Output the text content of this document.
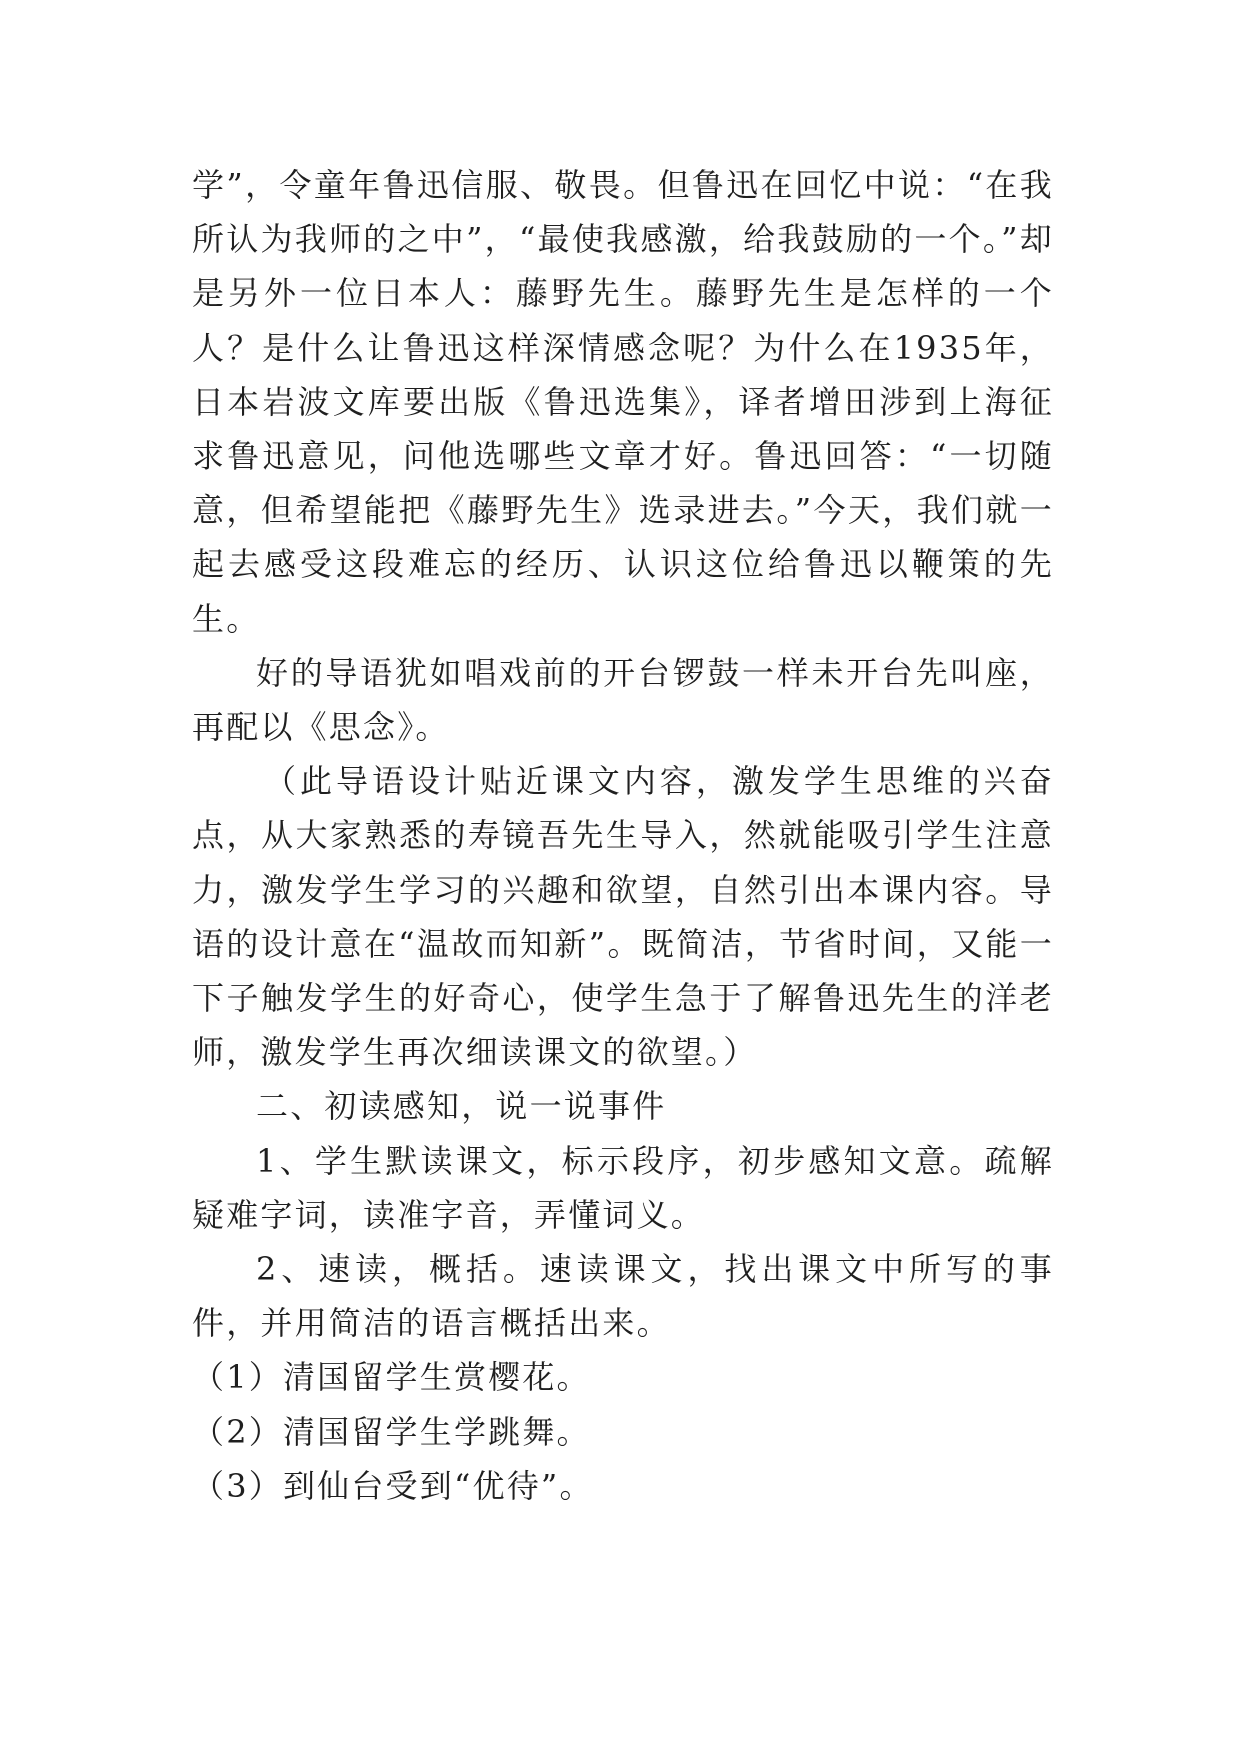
学”，令童年鲁迅信服、敬畏。但鲁迅在回忆中说：“在我所认为我师的之中”，“最使我感激，给我鼓励的一个。”却是另外一位日本人：藤野先生。藤野先生是怎样的一个人？是什么让鲁迅这样深情感念呢？为什么在1935年，日本岩波文库要出版《鲁迅选集》，译者增田涉到上海征求鲁迅意见，问他选哪些文章才好。鲁迅回答：“一切随意，但希望能把《藤野先生》选录进去。”今天，我们就一起去感受这段难忘的经历、认识这位给鲁迅以鞭策的先生。

好的导语犹如唱戏前的开台锣鼓一样未开台先叫座，再配以《思念》。

（此导语设计贴近课文内容，激发学生思维的兴奋点，从大家熟悉的寿镜吾先生导入，然就能吸引学生注意力，激发学生学习的兴趣和欲望，自然引出本课内容。导语的设计意在“温故而知新”。既简洁，节省时间，又能一下子触发学生的好奇心，使学生急于了解鲁迅先生的洋老师，激发学生再次细读课文的欲望。）

二、初读感知，说一说事件

1、学生默读课文，标示段序，初步感知文意。疏解疑难字词，读准字音，弄懂词义。

2、速读，概括。速读课文，找出课文中所写的事件，并用简洁的语言概括出来。

（1）清国留学生赏樱花。

（2）清国留学生学跳舞。

（3）到仙台受到“优待”。
